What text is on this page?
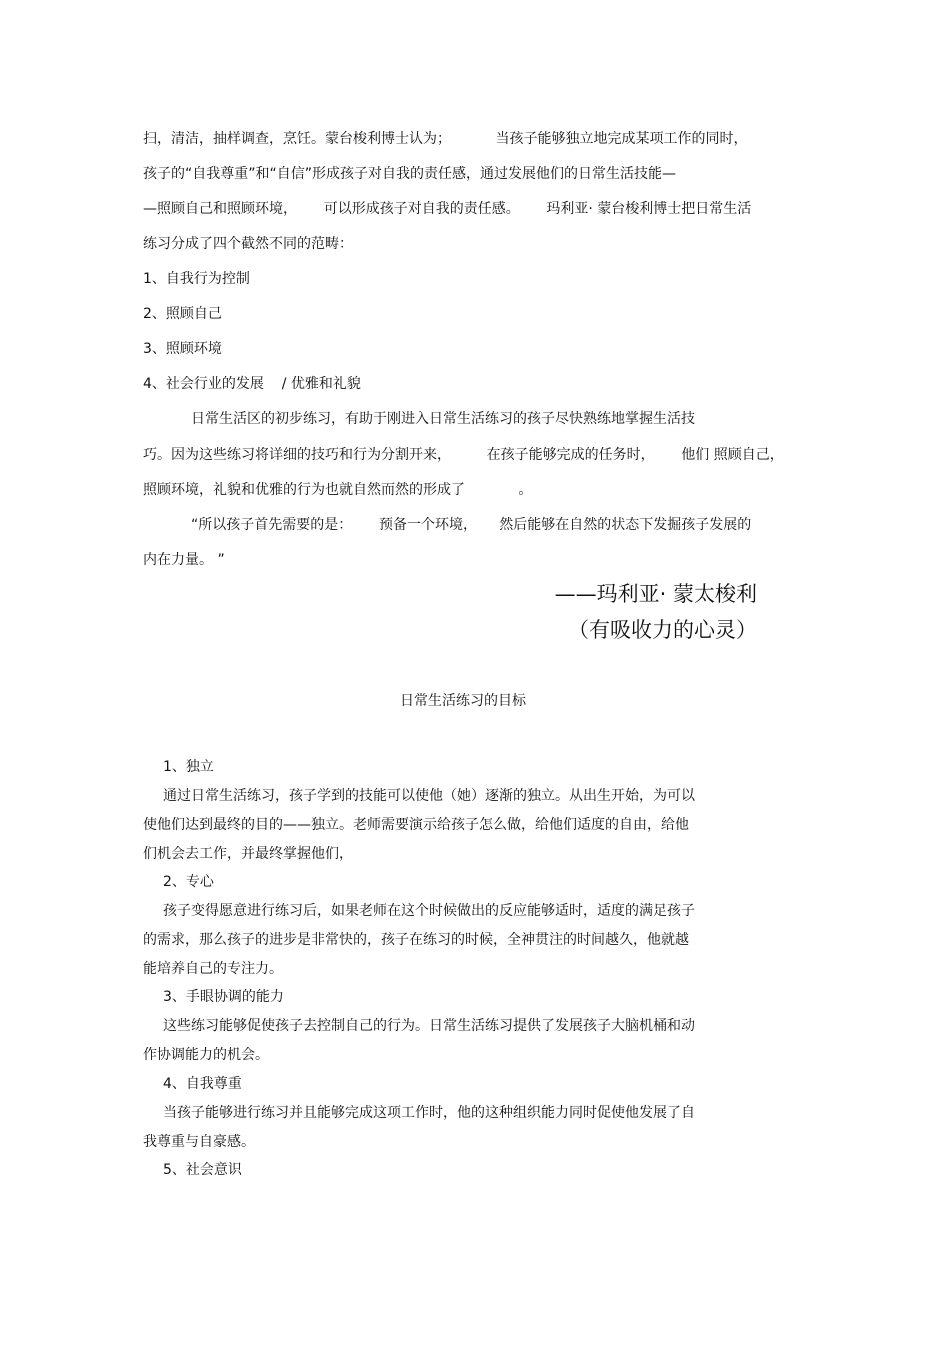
扫，清洁，抽样调查，烹饪。蒙台梭利博士认为；          当孩子能够独立地完成某项工作的同时，
孩子的“自我尊重”和“自信”形成孩子对自我的责任感，通过发展他们的日常生活技能—
—照顾自己和照顾环境，      可以形成孩子对自我的责任感。      玛利亚· 蒙台梭利博士把日常生活
练习分成了四个截然不同的范畴：
1、自我行为控制
2、照顾自己
3、照顾环境
4、社会行业的发展    / 优雅和礼貌
日常生活区的初步练习，有助于刚进入日常生活练习的孩子尽快熟练地掌握生活技
巧。因为这些练习将详细的技巧和行为分割开来，        在孩子能够完成的任务时，      他们 照顾自己，
照顾环境，礼貌和优雅的行为也就自然而然的形成了            。
“所以孩子首先需要的是：      预备一个环境，     然后能够在自然的状态下发掘孩子发展的
内在力量。 ”
——玛利亚· 蒙太梭利
（有吸收力的心灵）
日常生活练习的目标
1、独立
通过日常生活练习，孩子学到的技能可以使他（她）逐渐的独立。从出生开始，为可以
使他们达到最终的目的——独立。老师需要演示给孩子怎么做，给他们适度的自由，给他
们机会去工作，并最终掌握他们，
2、专心
孩子变得愿意进行练习后，如果老师在这个时候做出的反应能够适时，适度的满足孩子
的需求，那么孩子的进步是非常快的，孩子在练习的时候，全神贯注的时间越久，他就越
能培养自己的专注力。
3、手眼协调的能力
这些练习能够促使孩子去控制自己的行为。日常生活练习提供了发展孩子大脑机桶和动
作协调能力的机会。
4、自我尊重
当孩子能够进行练习并且能够完成这项工作时，他的这种组织能力同时促使他发展了自
我尊重与自豪感。
5、社会意识
